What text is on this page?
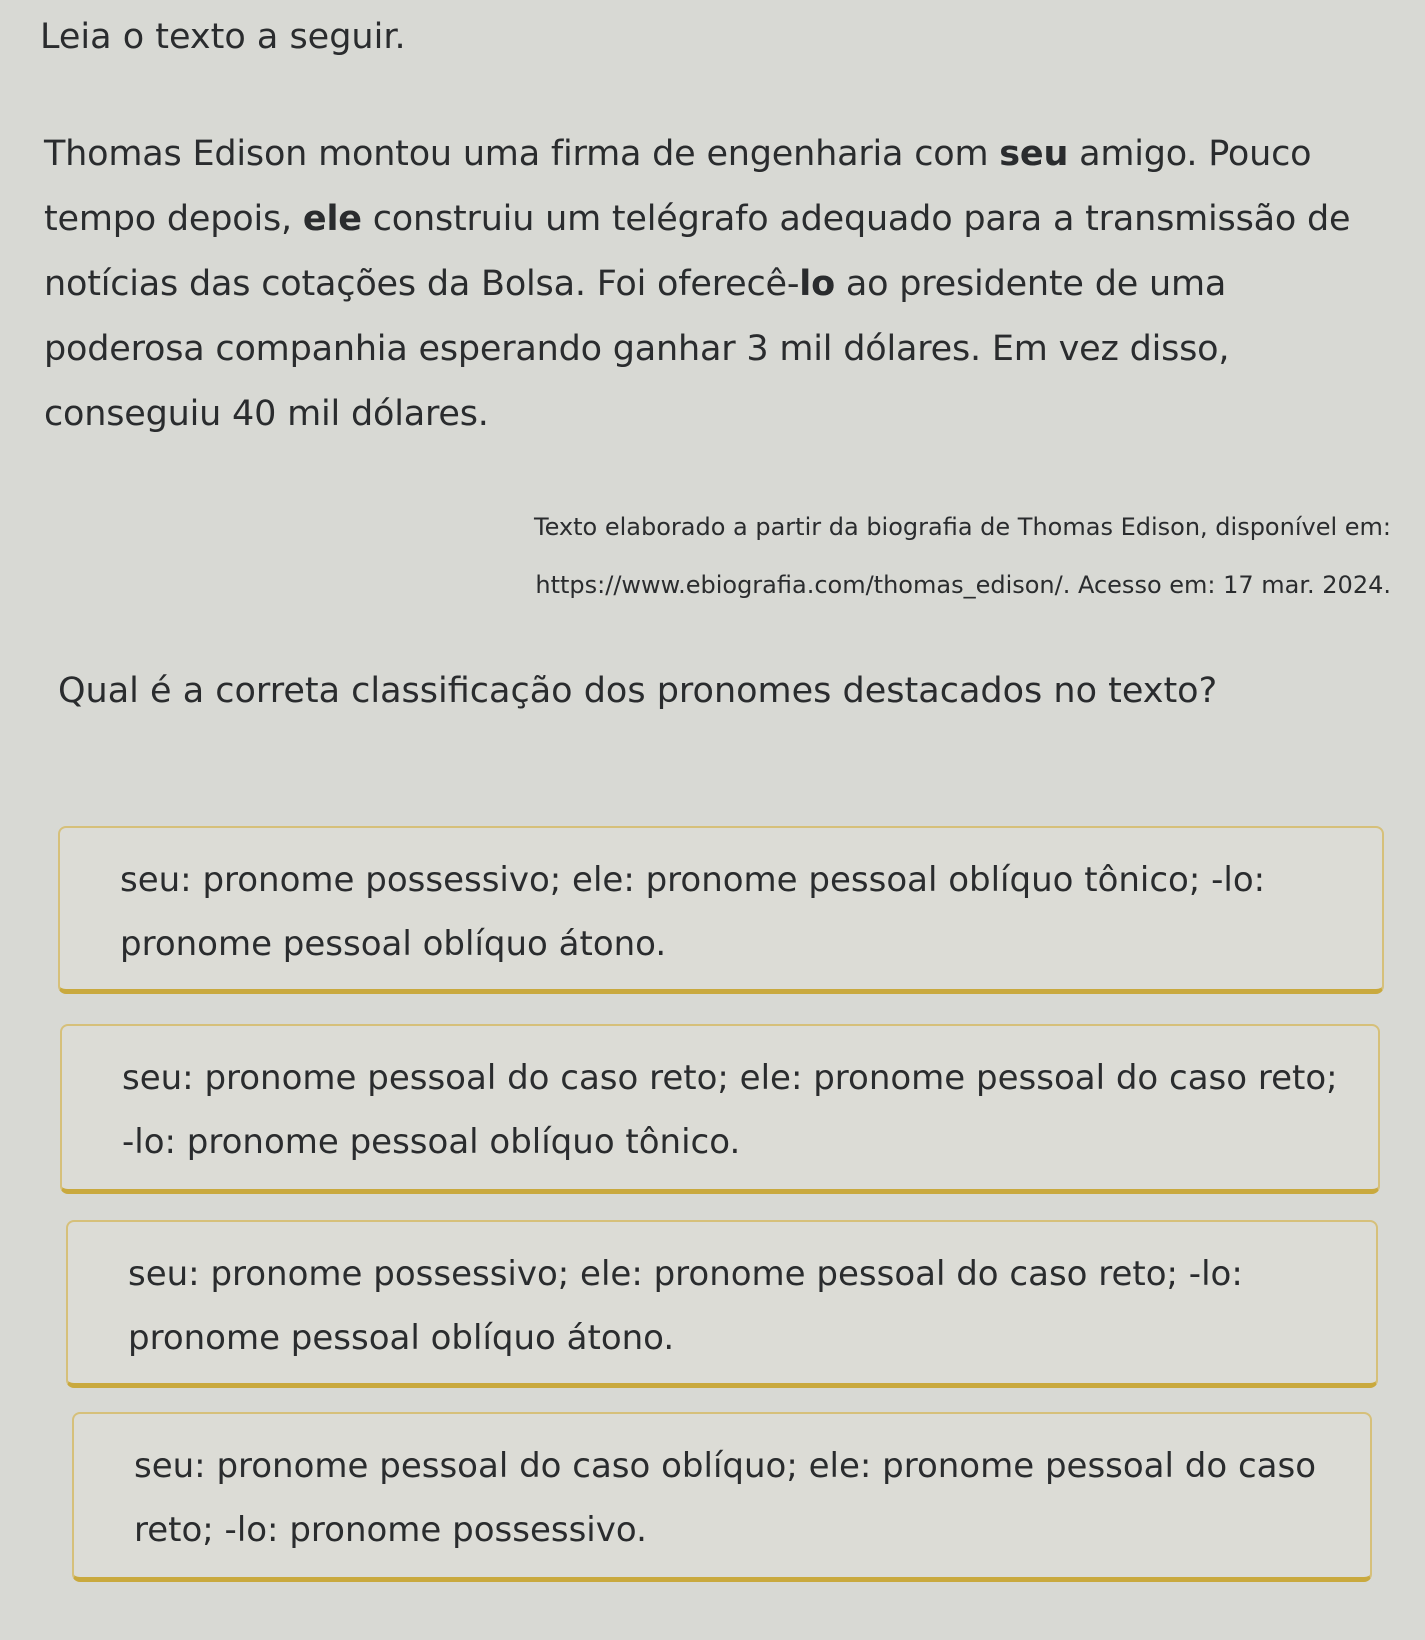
Leia o texto a seguir.

Thomas Edison montou uma firma de engenharia com seu amigo. Pouco tempo depois, ele construiu um telégrafo adequado para a transmissão de notícias das cotações da Bolsa. Foi oferecê-lo ao presidente de uma poderosa companhia esperando ganhar 3 mil dólares. Em vez disso, conseguiu 40 mil dólares.

Texto elaborado a partir da biografia de Thomas Edison, disponível em:
https://www.ebiografia.com/thomas_edison/. Acesso em: 17 mar. 2024.

Qual é a correta classificação dos pronomes destacados no texto?

seu: pronome possessivo; ele: pronome pessoal oblíquo tônico; -lo: pronome pessoal oblíquo átono.
seu: pronome pessoal do caso reto; ele: pronome pessoal do caso reto; -lo: pronome pessoal oblíquo tônico.
seu: pronome possessivo; ele: pronome pessoal do caso reto; -lo: pronome pessoal oblíquo átono.
seu: pronome pessoal do caso oblíquo; ele: pronome pessoal do caso reto; -lo: pronome possessivo.
